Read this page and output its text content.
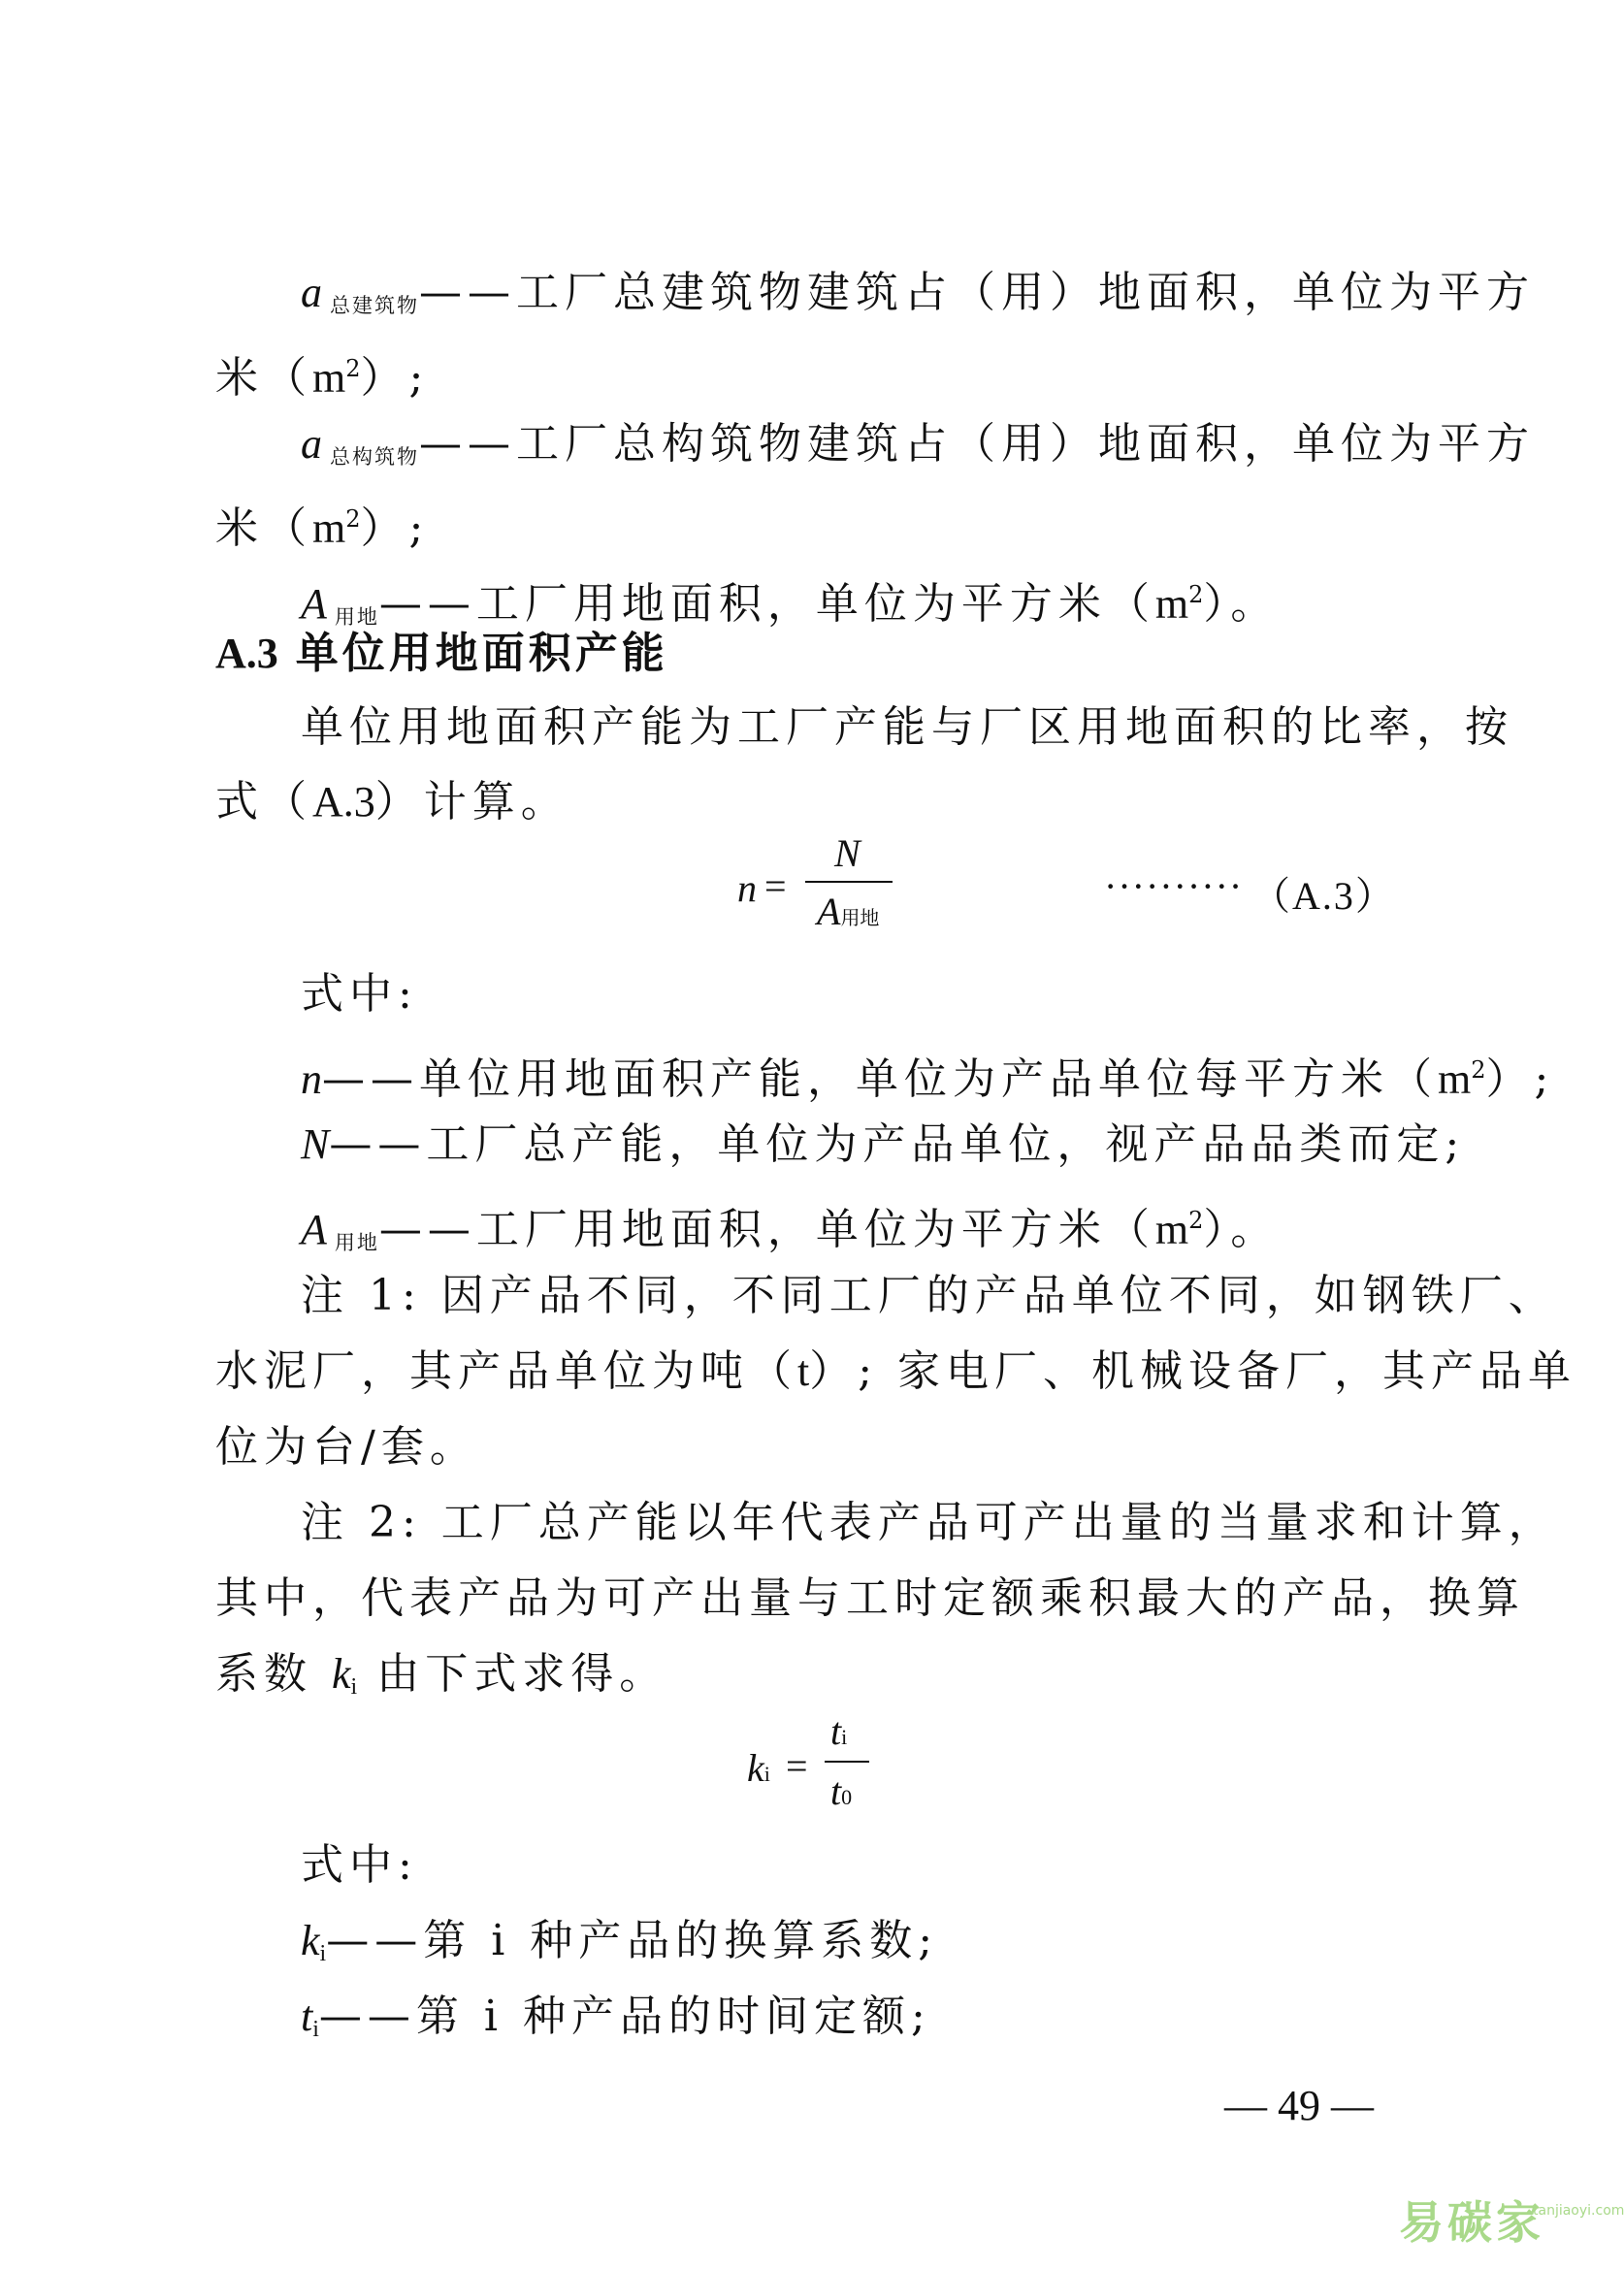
a $_{总建筑物}$——工厂总建筑物建筑占（用）地面积，单位为平方
米$(m^2)$;
a $_{总构筑物}$——工厂总构筑物建筑占（用）地面积，单位为平方
米$(m^2)$;
A $_{用地}$——工厂用地面积，单位为平方米$(m^2)$。
A.3 单位用地面积产能
单位用地面积产能为工厂产能与厂区用地面积的比率，按
式（A.3）计算。
n =
N
A用地
·········· （A.3）
式中:
n——单位用地面积产能，单位为产品单位每平方米$(m^2)$;
N——工厂总产能，单位为产品单位，视产品品类而定;
A $_{用地}$——工厂用地面积，单位为平方米$(m^2)$。
注 1: 因产品不同，不同工厂的产品单位不同，如钢铁厂、
水泥厂，其产品单位为吨（t）; 家电厂、机械设备厂，其产品单
位为台/套。
注 2: 工厂总产能以年代表产品可产出量的当量求和计算，
其中，代表产品为可产出量与工时定额乘积最大的产品，换算
系数 ki 由下式求得。
ki =
ti
t0
式中:
ki——第 i 种产品的换算系数;
ti——第 i 种产品的时间定额;
— 49 —
易碳家
tanjiaoyi.com
